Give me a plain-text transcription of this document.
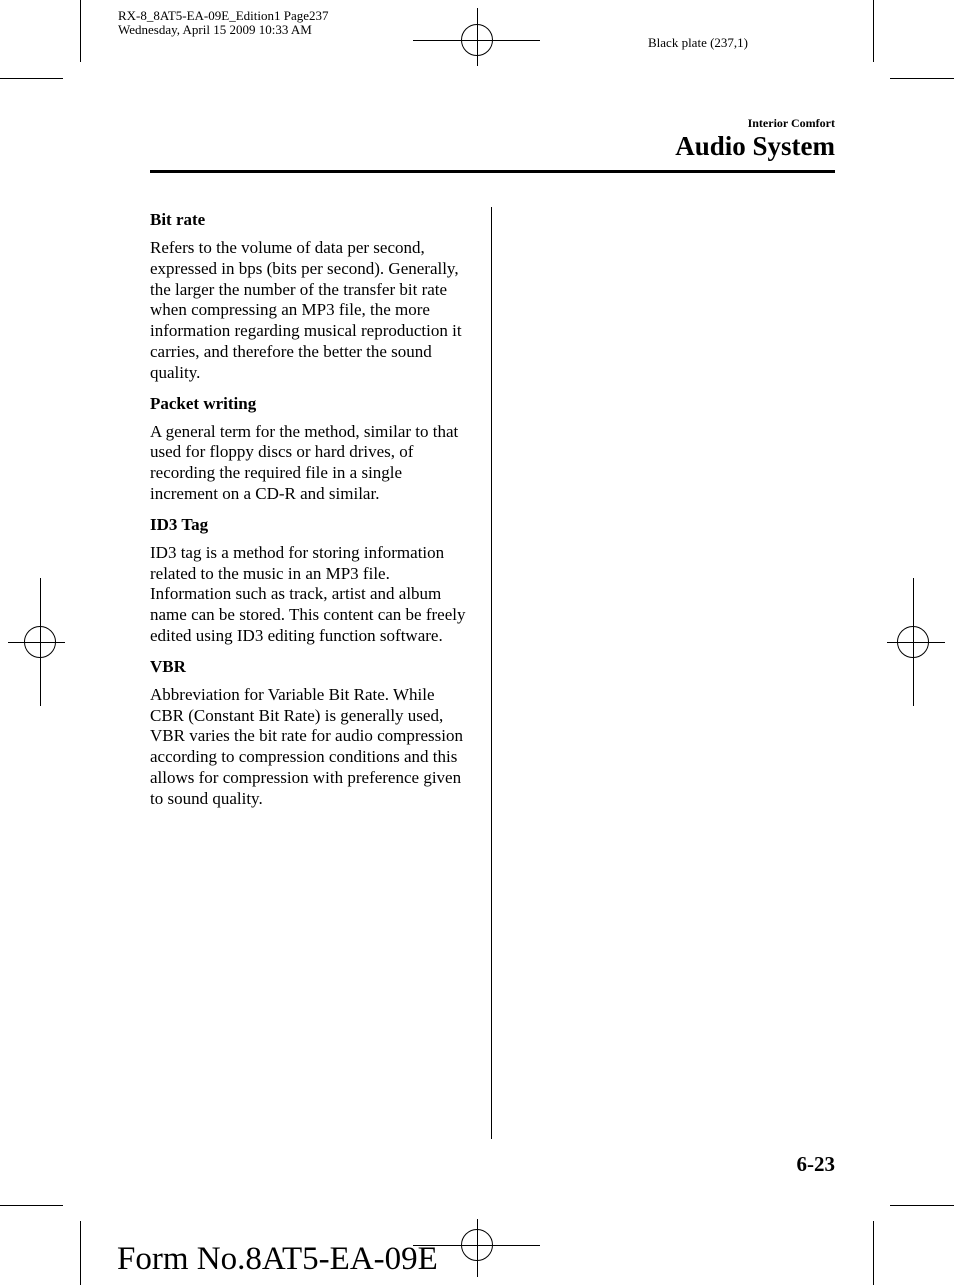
RX-8_8AT5-EA-09E_Edition1 Page237
Wednesday, April 15 2009 10:33 AM
Black plate (237,1)
Interior Comfort
Audio System

Bit rate

Refers to the volume of data per second, expressed in bps (bits per second). Generally, the larger the number of the transfer bit rate when compressing an MP3 file, the more information regarding musical reproduction it carries, and therefore the better the sound quality.

Packet writing

A general term for the method, similar to that used for floppy discs or hard drives, of recording the required file in a single increment on a CD-R and similar.

ID3 Tag

ID3 tag is a method for storing information related to the music in an MP3 file. Information such as track, artist and album name can be stored. This content can be freely edited using ID3 editing function software.

VBR

Abbreviation for Variable Bit Rate. While CBR (Constant Bit Rate) is generally used, VBR varies the bit rate for audio compression according to compression conditions and this allows for compression with preference given to sound quality.

6-23
Form No.8AT5-EA-09E
